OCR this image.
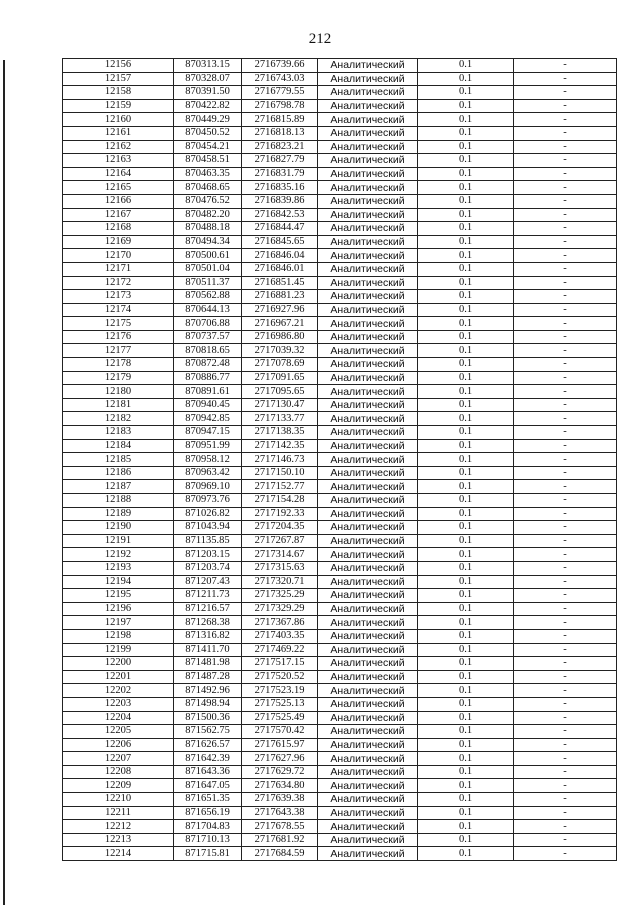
212
12156	870313.15	2716739.66	Аналитический	0.1	-
12157	870328.07	2716743.03	Аналитический	0.1	-
12158	870391.50	2716779.55	Аналитический	0.1	-
12159	870422.82	2716798.78	Аналитический	0.1	-
12160	870449.29	2716815.89	Аналитический	0.1	-
12161	870450.52	2716818.13	Аналитический	0.1	-
12162	870454.21	2716823.21	Аналитический	0.1	-
12163	870458.51	2716827.79	Аналитический	0.1	-
12164	870463.35	2716831.79	Аналитический	0.1	-
12165	870468.65	2716835.16	Аналитический	0.1	-
12166	870476.52	2716839.86	Аналитический	0.1	-
12167	870482.20	2716842.53	Аналитический	0.1	-
12168	870488.18	2716844.47	Аналитический	0.1	-
12169	870494.34	2716845.65	Аналитический	0.1	-
12170	870500.61	2716846.04	Аналитический	0.1	-
12171	870501.04	2716846.01	Аналитический	0.1	-
12172	870511.37	2716851.45	Аналитический	0.1	-
12173	870562.88	2716881.23	Аналитический	0.1	-
12174	870644.13	2716927.96	Аналитический	0.1	-
12175	870706.88	2716967.21	Аналитический	0.1	-
12176	870737.57	2716986.80	Аналитический	0.1	-
12177	870818.65	2717039.32	Аналитический	0.1	-
12178	870872.48	2717078.69	Аналитический	0.1	-
12179	870886.77	2717091.65	Аналитический	0.1	-
12180	870891.61	2717095.65	Аналитический	0.1	-
12181	870940.45	2717130.47	Аналитический	0.1	-
12182	870942.85	2717133.77	Аналитический	0.1	-
12183	870947.15	2717138.35	Аналитический	0.1	-
12184	870951.99	2717142.35	Аналитический	0.1	-
12185	870958.12	2717146.73	Аналитический	0.1	-
12186	870963.42	2717150.10	Аналитический	0.1	-
12187	870969.10	2717152.77	Аналитический	0.1	-
12188	870973.76	2717154.28	Аналитический	0.1	-
12189	871026.82	2717192.33	Аналитический	0.1	-
12190	871043.94	2717204.35	Аналитический	0.1	-
12191	871135.85	2717267.87	Аналитический	0.1	-
12192	871203.15	2717314.67	Аналитический	0.1	-
12193	871203.74	2717315.63	Аналитический	0.1	-
12194	871207.43	2717320.71	Аналитический	0.1	-
12195	871211.73	2717325.29	Аналитический	0.1	-
12196	871216.57	2717329.29	Аналитический	0.1	-
12197	871268.38	2717367.86	Аналитический	0.1	-
12198	871316.82	2717403.35	Аналитический	0.1	-
12199	871411.70	2717469.22	Аналитический	0.1	-
12200	871481.98	2717517.15	Аналитический	0.1	-
12201	871487.28	2717520.52	Аналитический	0.1	-
12202	871492.96	2717523.19	Аналитический	0.1	-
12203	871498.94	2717525.13	Аналитический	0.1	-
12204	871500.36	2717525.49	Аналитический	0.1	-
12205	871562.75	2717570.42	Аналитический	0.1	-
12206	871626.57	2717615.97	Аналитический	0.1	-
12207	871642.39	2717627.96	Аналитический	0.1	-
12208	871643.36	2717629.72	Аналитический	0.1	-
12209	871647.05	2717634.80	Аналитический	0.1	-
12210	871651.35	2717639.38	Аналитический	0.1	-
12211	871656.19	2717643.38	Аналитический	0.1	-
12212	871704.83	2717678.55	Аналитический	0.1	-
12213	871710.13	2717681.92	Аналитический	0.1	-
12214	871715.81	2717684.59	Аналитический	0.1	-
